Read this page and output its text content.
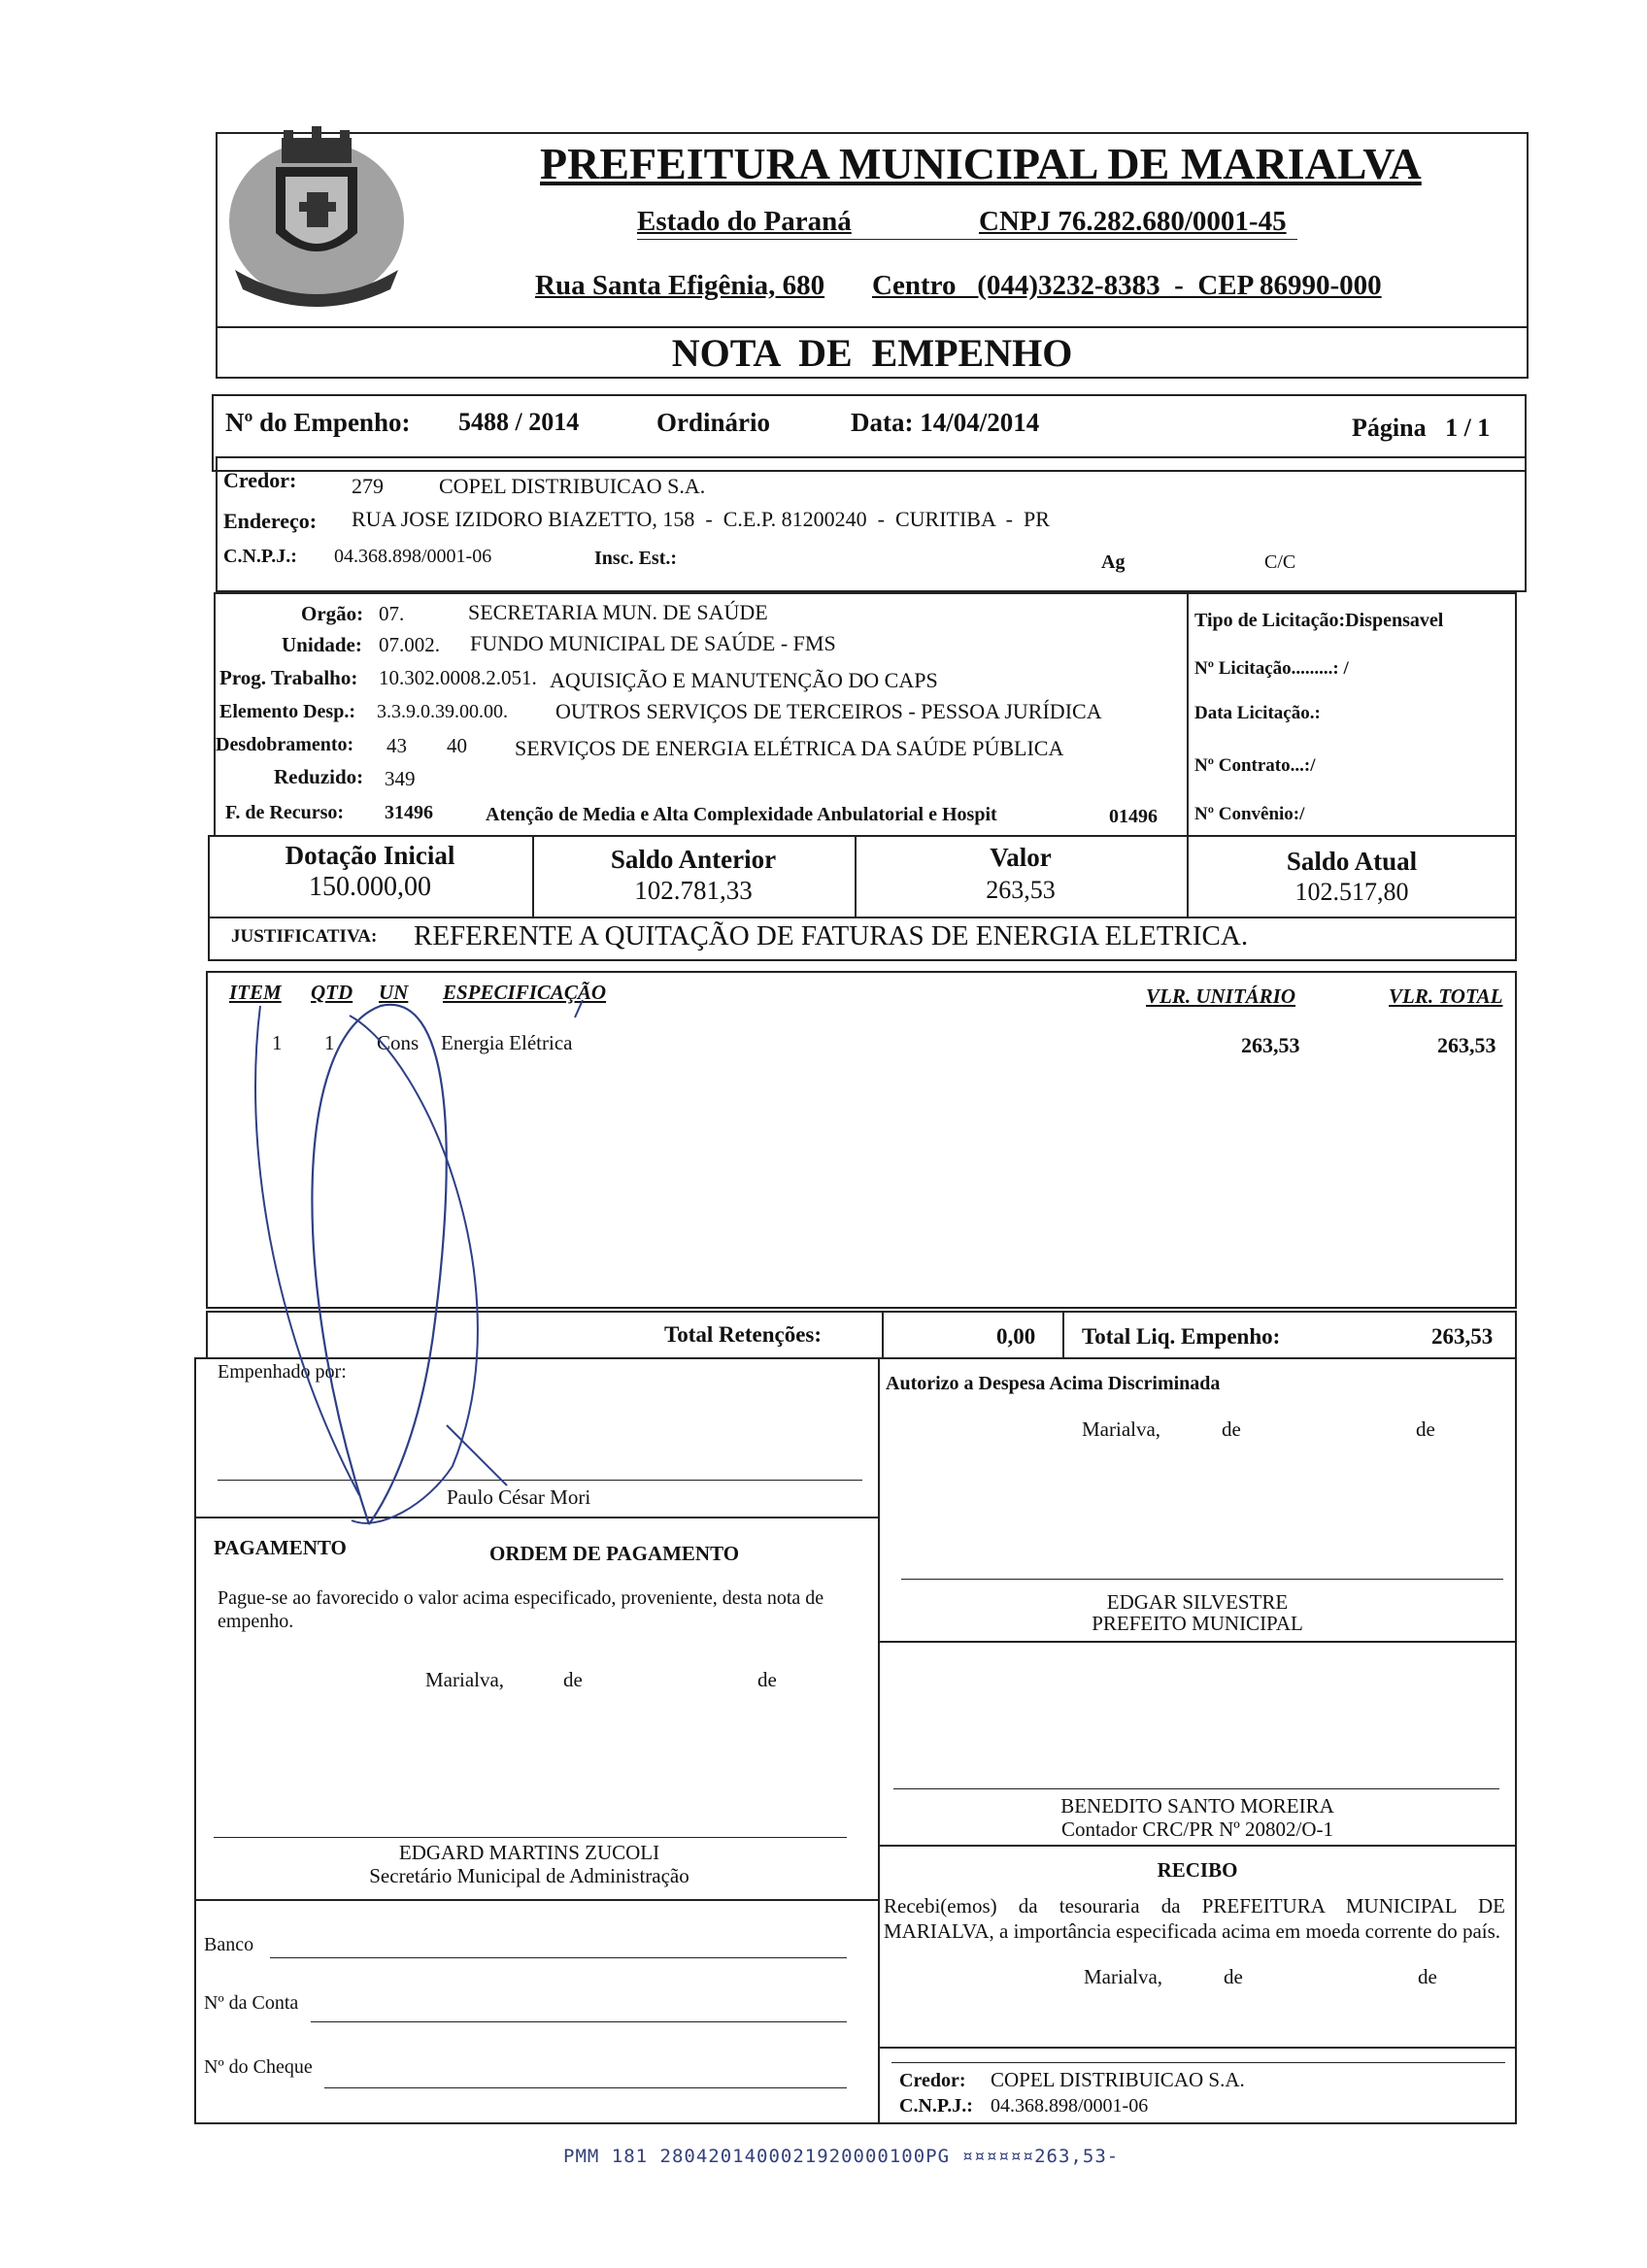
PREFEITURA MUNICIPAL DE MARIALVA
Estado do Paraná	CNPJ 76.282.680/0001-45
Rua Santa Efigênia, 680 Centro   (044)3232-8383  -  CEP 86990-000
NOTA  DE  EMPENHO
Nº do Empenho: 5488 / 2014	Ordinário	Data: 14/04/2014	Página   1 / 1
Credor:	279	COPEL DISTRIBUICAO S.A.
Endereço: RUA JOSE IZIDORO BIAZETTO, 158  -  C.E.P. 81200240  -  CURITIBA  -  PR
C.N.P.J.: 04.368.898/0001-06	Insc. Est.:	Ag	C/C
Orgão: 07.	SECRETARIA MUN. DE SAÚDE
Unidade: 07.002. FUNDO MUNICIPAL DE SAÚDE - FMS
Prog. Trabalho: 10.302.0008.2.051. AQUISIÇÃO E MANUTENÇÃO DO CAPS
Elemento Desp.: 3.3.9.0.39.00.00. OUTROS SERVIÇOS DE TERCEIROS - PESSOA JURÍDICA
Desdobramento: 43 40 SERVIÇOS DE ENERGIA ELÉTRICA DA SAÚDE PÚBLICA
Reduzido: 349
F. de Recurso: 31496	Atenção de Media e Alta Complexidade Anbulatorial e Hospit	01496
Tipo de Licitação:Dispensavel
Nº Licitação.........: /
Data Licitação.:
Nº Contrato...:/
Nº Convênio:/
Dotação Inicial
150.000,00
Saldo Anterior
102.781,33
Valor
263,53
Saldo Atual
102.517,80
JUSTIFICATIVA: REFERENTE A QUITAÇÃO DE FATURAS DE ENERGIA ELETRICA.
ITEM QTD UN ESPECIFICAÇÃO	VLR. UNITÁRIO	VLR. TOTAL
1 1 Cons Energia Elétrica	263,53	263,53
Total Retenções:	0,00 Total Liq. Empenho:	263,53
Empenhado por:
Paulo César Mori
Autorizo a Despesa Acima Discriminada
Marialva,	de	de
EDGAR SILVESTRE
PREFEITO MUNICIPAL
PAGAMENTO	ORDEM DE PAGAMENTO
Pague-se ao favorecido o valor acima especificado, proveniente, desta nota de empenho.
Marialva,	de	de
EDGARD MARTINS ZUCOLI
Secretário Municipal de Administração
BENEDITO SANTO MOREIRA
Contador CRC/PR Nº 20802/O-1
RECIBO
Recebi(emos) da tesouraria da PREFEITURA MUNICIPAL DE MARIALVA, a importância especificada acima em moeda corrente do país.
Marialva,	de	de
Credor: COPEL DISTRIBUICAO S.A.
C.N.P.J.: 04.368.898/0001-06
Banco
Nº da Conta
Nº do Cheque
PMM 181 2804201400021920000100PG ¤¤¤¤¤¤263,53-
